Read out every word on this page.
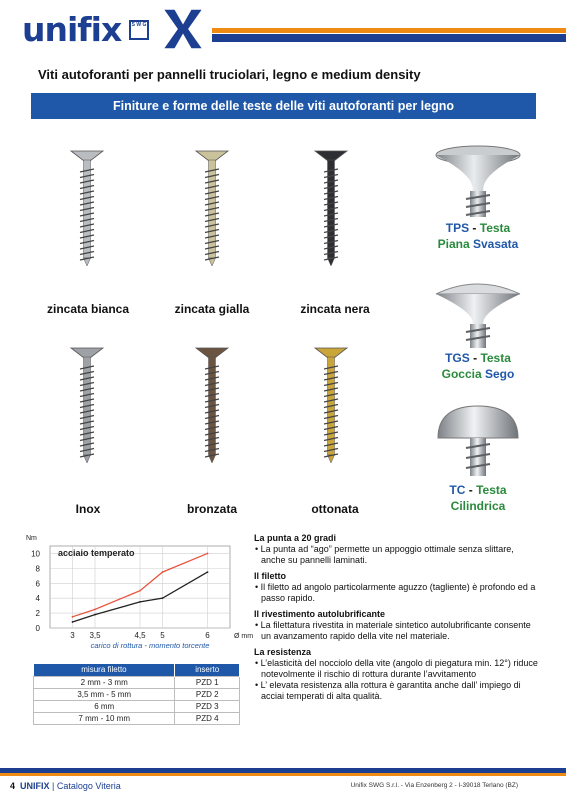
unifix	S W G
Viti autoforanti per pannelli truciolari, legno e medium density
Finiture e forme delle teste delle viti autoforanti per legno
zincata bianca	zincata gialla	zincata nera
Inox	bronzata	ottonata
TPS - Testa
Piana Svasata
TGS - Testa
Goccia Sego
TC - Testa
Cilindrica
0
2
4
6
8
10
3 3,5	4,5 5	6
Nm
Ø mm
carico di rottura - momento torcente
acciaio temperato
misura filetto	inserto
2 mm - 3 mm	PZD 1
3,5 mm - 5 mm	PZD 2
6 mm	PZD 3
7 mm - 10 mm	PZD 4
La punta a 20 gradi

• La punta ad “ago” permette un appoggio ottimale senza slittare, anche su pannelli laminati.

Il filetto

• Il filetto ad angolo particolarmente aguzzo (tagliente) è profondo ed a passo rapido.

Il rivestimento autolubrificante

• La filettatura rivestita in materiale sintetico autolubrificante consente un avanzamento rapido della vite nel materiale.

La resistenza

• L’elasticità del nocciolo della vite (angolo di piegatura min. 12°) riduce notevolmente il rischio di rottura durante l’avvitamento

• L’ elevata resistenza alla rottura è garantita anche dall’ impiego di acciai temperati di alta qualità.

4 UNIFIX | Catalogo Viteria	Unifix SWG S.r.l. - Via Enzenberg 2 - I-39018 Terlano (BZ)
